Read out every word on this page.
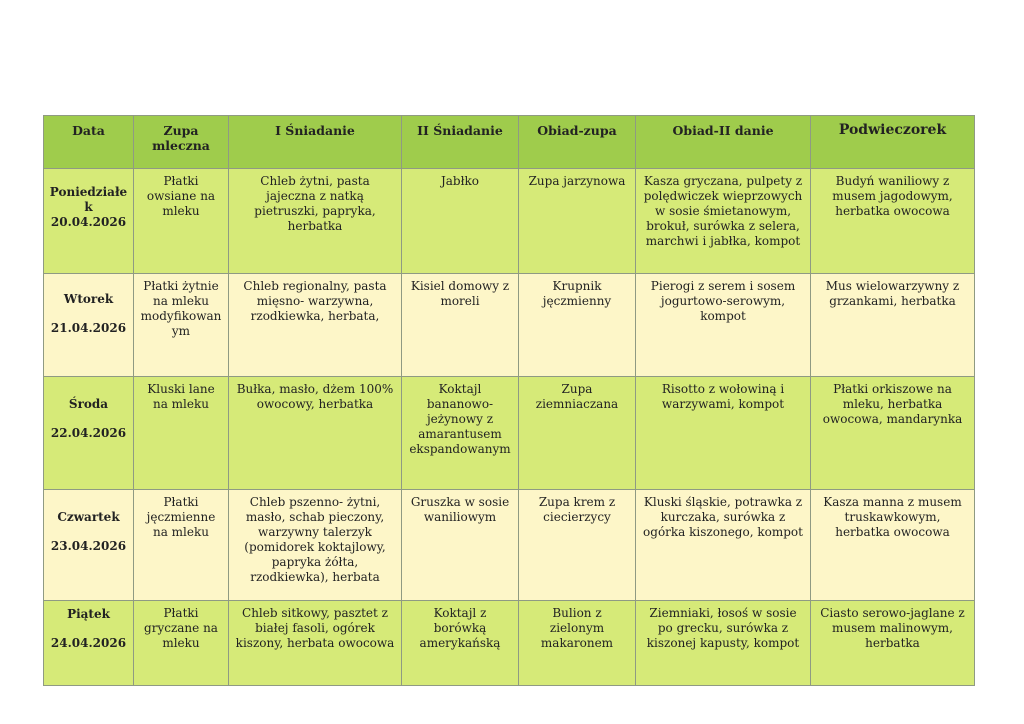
Data	Zupa mleczna	I Śniadanie	II Śniadanie	Obiad-zupa	Obiad-II danie	Podwieczorek

Poniedziałek
20.04.2026	Płatki owsiane na mleku	Chleb żytni, pasta jajeczna z natką pietruszki, papryka, herbatka	Jabłko	Zupa jarzynowa	Kasza gryczana, pulpety z polędwiczek wieprzowych w sosie śmietanowym, brokuł, surówka z selera, marchwi i jabłka, kompot	Budyń waniliowy z musem jagodowym, herbatka owocowa

Wtorek
21.04.2026	Płatki żytnie na mleku modyfikowanym	Chleb regionalny, pasta mięsno- warzywna, rzodkiewka, herbata,	Kisiel domowy z moreli	Krupnik jęczmienny	Pierogi z serem i sosem jogurtowo-serowym, kompot	Mus wielowarzywny z grzankami, herbatka

Środa
22.04.2026	Kluski lane na mleku	Bułka, masło, dżem 100% owocowy, herbatka	Koktajl bananowo-jeżynowy z amarantusem ekspandowanym	Zupa ziemniaczana	Risotto z wołowiną i warzywami, kompot	Płatki orkiszowe na mleku, herbatka owocowa, mandarynka

Czwartek
23.04.2026	Płatki jęczmienne na mleku	Chleb pszenno- żytni, masło, schab pieczony, warzywny talerzyk (pomidorek koktajlowy, papryka żółta, rzodkiewka), herbata	Gruszka w sosie waniliowym	Zupa krem z ciecierzycy	Kluski śląskie, potrawka z kurczaka, surówka z ogórka kiszonego, kompot	Kasza manna z musem truskawkowym, herbatka owocowa

Piątek
24.04.2026	Płatki gryczane na mleku	Chleb sitkowy, pasztet z białej fasoli, ogórek kiszony, herbata owocowa	Koktajl z borówką amerykańską	Bulion z zielonym makaronem	Ziemniaki, łosoś w sosie po grecku, surówka z kiszonej kapusty, kompot	Ciasto serowo-jaglane z musem malinowym, herbatka
